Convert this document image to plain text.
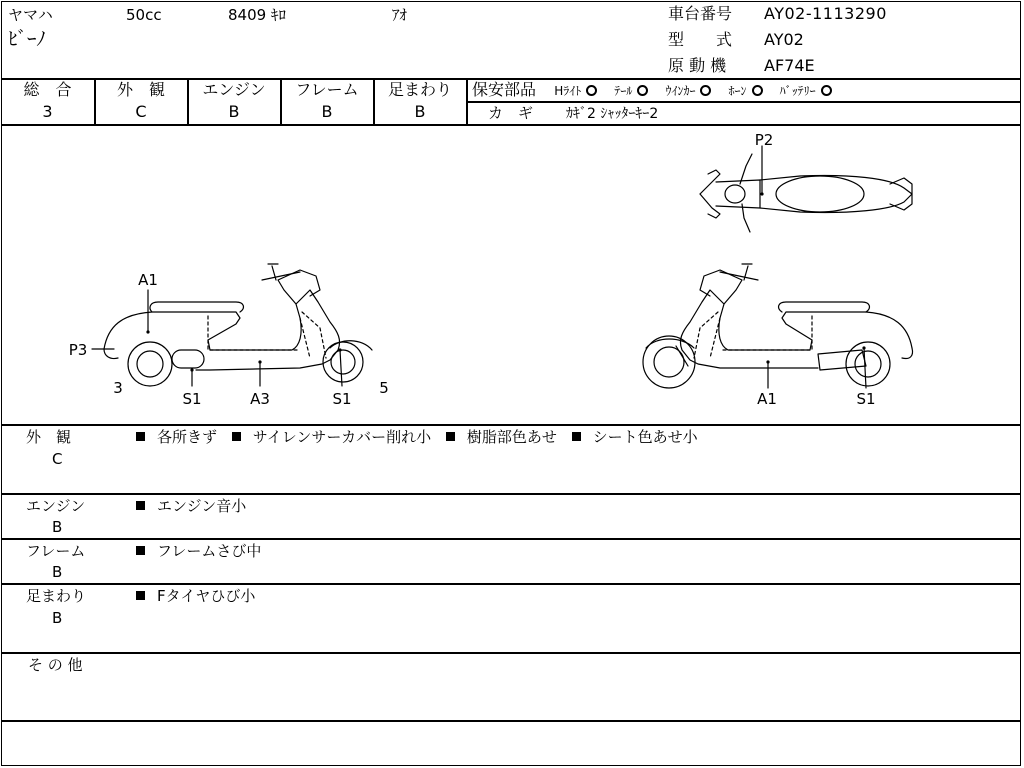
ヤマハ	50cc	8409 ｷﾛ	ｱｵ
ﾋﾞｰﾉ
車台番号 AY02-1113290
型　　式 AY02
原 動 機 AF74E
総　合
3
外　観
C
エンジン
B
フレーム
B
足まわり
B
保安部品 Hﾗｲﾄ	ﾃｰﾙ	ｳｲﾝｶｰ	ﾎｰﾝ	ﾊﾞｯﾃﾘｰ
カ　ギ ｶｷﾞ2 ｼｬｯﾀｰｷｰ2
P2
A1
P3
3
S1	A3	S1
5
A1	S1
外　観
C
各所きず サイレンサーカバー削れ小 樹脂部色あせ シート色あせ小
エンジン
B
エンジン音小
フレーム
B
フレームさび中
足まわり
B
Fタイヤひび小
そ の 他
